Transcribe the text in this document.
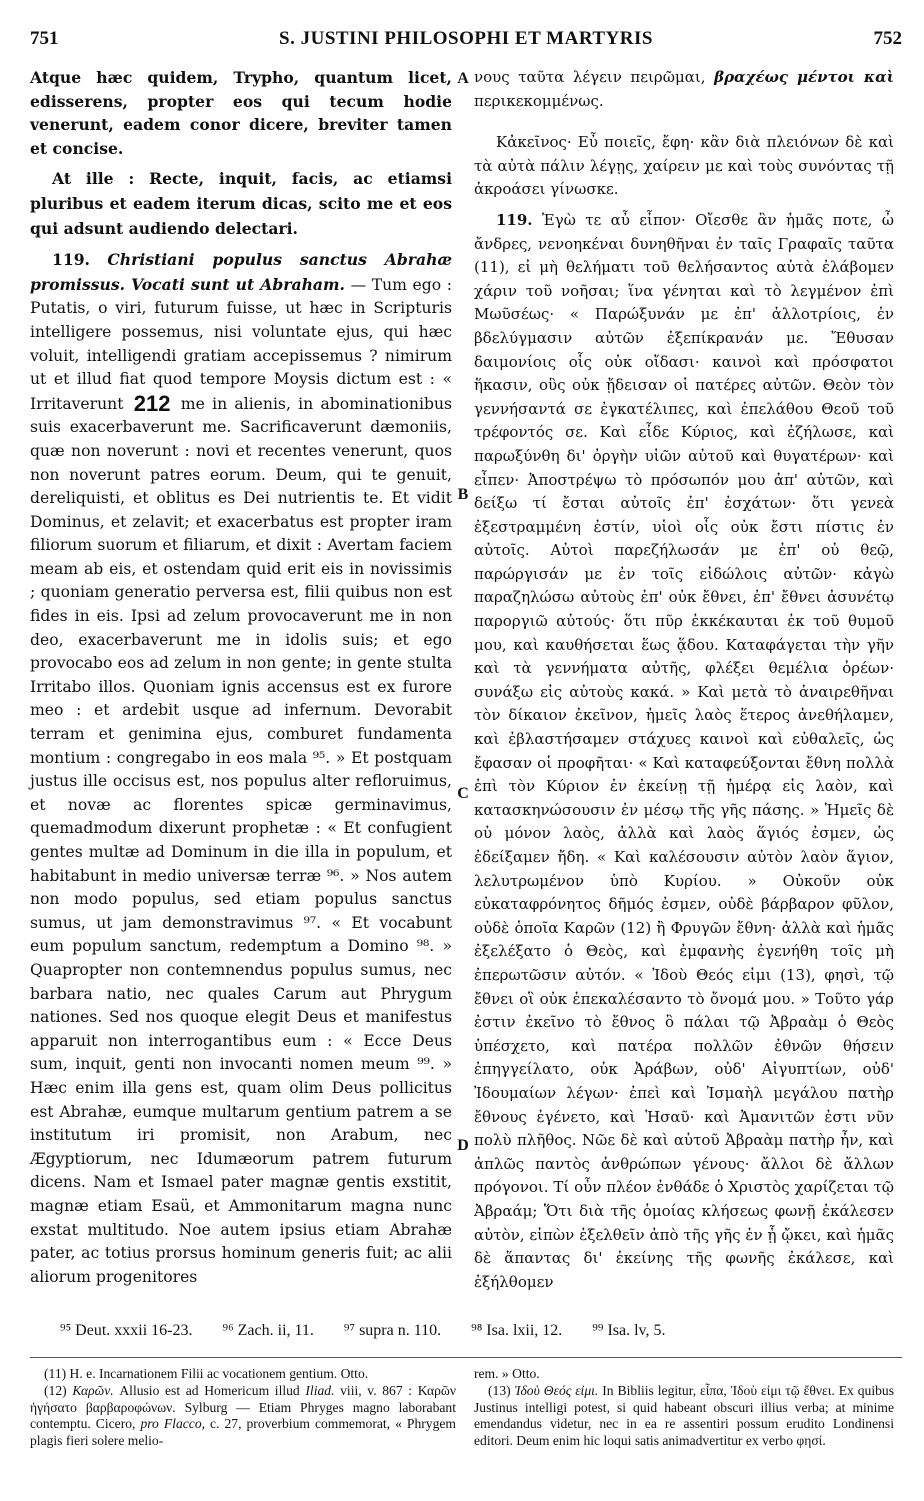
751	S. JUSTINI PHILOSOPHI ET MARTYRIS	752
A
B
C
D

Atque hæc quidem, Trypho, quantum licet, edisserens, propter eos qui tecum hodie venerunt, eadem conor dicere, breviter tamen et concise.

At ille : Recte, inquit, facis, ac etiamsi pluribus et eadem iterum dicas, scito me et eos qui adsunt audiendo delectari.

119. Christiani populus sanctus Abrahæ promissus. Vocati sunt ut Abraham. — Tum ego : Putatis, o viri, futurum fuisse, ut hæc in Scripturis intelligere possemus, nisi voluntate ejus, qui hæc voluit, intelligendi gratiam accepissemus ? nimirum ut et illud fiat quod tempore Moysis dictum est : « Irritaverunt 212 me in alienis, in abominationibus suis exacerbaverunt me. Sacrificaverunt dæmoniis, quæ non noverunt : novi et recentes venerunt, quos non noverunt patres eorum. Deum, qui te genuit, dereliquisti, et oblitus es Dei nutrientis te. Et vidit Dominus, et zelavit; et exacerbatus est propter iram filiorum suorum et filiarum, et dixit : Avertam faciem meam ab eis, et ostendam quid erit eis in novissimis ; quoniam generatio perversa est, filii quibus non est fides in eis. Ipsi ad zelum provocaverunt me in non deo, exacerbaverunt me in idolis suis; et ego provocabo eos ad zelum in non gente; in gente stulta Irritabo illos. Quoniam ignis accensus est ex furore meo : et ardebit usque ad infernum. Devorabit terram et genimina ejus, comburet fundamenta montium : congregabo in eos mala ⁹⁵. » Et postquam justus ille occisus est, nos populus alter refloruimus, et novæ ac florentes spicæ germinavimus, quemadmodum dixerunt prophetæ : « Et confugient gentes multæ ad Dominum in die illa in populum, et habitabunt in medio universæ terræ ⁹⁶. » Nos autem non modo populus, sed etiam populus sanctus sumus, ut jam demonstravimus ⁹⁷. « Et vocabunt eum populum sanctum, redemptum a Domino ⁹⁸. » Quapropter non contemnendus populus sumus, nec barbara natio, nec quales Carum aut Phrygum nationes. Sed nos quoque elegit Deus et manifestus apparuit non interrogantibus eum : « Ecce Deus sum, inquit, genti non invocanti nomen meum ⁹⁹. » Hæc enim illa gens est, quam olim Deus pollicitus est Abrahæ, eumque multarum gentium patrem a se institutum iri promisit, non Arabum, nec Ægyptiorum, nec Idumæorum patrem futurum dicens. Nam et Ismael pater magnæ gentis exstitit, magnæ etiam Esaü, et Ammonitarum magna nunc exstat multitudo. Noe autem ipsius etiam Abrahæ pater, ac totius prorsus hominum generis fuit; ac alii aliorum progenitores

νους ταῦτα λέγειν πειρῶμαι, βραχέως μέντοι καὶ περικεκομμένως.

Κἀκεῖνος· Εὖ ποιεῖς, ἔφη· κἂν διὰ πλειόνων δὲ καὶ τὰ αὐτὰ πάλιν λέγῃς, χαίρειν με καὶ τοὺς συνόντας τῇ ἀκροάσει γίνωσκε.

119. Ἐγὼ τε αὖ εἶπον· Οἴεσθε ἂν ἡμᾶς ποτε, ὦ ἄνδρες, νενοηκέναι δυνηθῆναι ἐν ταῖς Γραφαῖς ταῦτα (11), εἰ μὴ θελήματι τοῦ θελήσαντος αὐτὰ ἐλάβομεν χάριν τοῦ νοῆσαι; ἵνα γένηται καὶ τὸ λεγμένον ἐπὶ Μωῦσέως· « Παρώξυνάν με ἐπ' ἀλλοτρίοις, ἐν βδελύγμασιν αὐτῶν ἐξεπίκρανάν με. Ἔθυσαν δαιμονίοις οἷς οὐκ οἴδασι· καινοὶ καὶ πρόσφατοι ἥκασιν, οὓς οὐκ ᾔδεισαν οἱ πατέρες αὐτῶν. Θεὸν τὸν γεννήσαντά σε ἐγκατέλιπες, καὶ ἐπελάθου Θεοῦ τοῦ τρέφοντός σε. Καὶ εἶδε Κύριος, καὶ ἐζήλωσε, καὶ παρωξύνθη δι' ὀργὴν υἱῶν αὐτοῦ καὶ θυγατέρων· καὶ εἶπεν· Ἀποστρέψω τὸ πρόσωπόν μου ἀπ' αὐτῶν, καὶ δείξω τί ἔσται αὐτοῖς ἐπ' ἐσχάτων· ὅτι γενεὰ ἐξεστραμμένη ἐστίν, υἱοὶ οἷς οὐκ ἔστι πίστις ἐν αὐτοῖς. Αὐτοὶ παρεζήλωσάν με ἐπ' οὐ θεῷ, παρώργισάν με ἐν τοῖς εἰδώλοις αὐτῶν· κἀγὼ παραζηλώσω αὐτοὺς ἐπ' οὐκ ἔθνει, ἐπ' ἔθνει ἀσυνέτῳ παροργιῶ αὐτούς· ὅτι πῦρ ἐκκέκαυται ἐκ τοῦ θυμοῦ μου, καὶ καυθήσεται ἕως ᾅδου. Καταφάγεται τὴν γῆν καὶ τὰ γεννήματα αὐτῆς, φλέξει θεμέλια ὀρέων· συνάξω εἰς αὐτοὺς κακά. » Καὶ μετὰ τὸ ἀναιρεθῆναι τὸν δίκαιον ἐκεῖνον, ἡμεῖς λαὸς ἕτερος ἀνεθήλαμεν, καὶ ἐβλαστήσαμεν στάχυες καινοὶ καὶ εὐθαλεῖς, ὡς ἔφασαν οἱ προφῆται· « Καὶ καταφεύξονται ἔθνη πολλὰ ἐπὶ τὸν Κύριον ἐν ἐκείνῃ τῇ ἡμέρᾳ εἰς λαὸν, καὶ κατασκηνώσουσιν ἐν μέσῳ τῆς γῆς πάσης. » Ἡμεῖς δὲ οὐ μόνον λαὸς, ἀλλὰ καὶ λαὸς ἅγιός ἐσμεν, ὡς ἐδείξαμεν ἤδη. « Καὶ καλέσουσιν αὐτὸν λαὸν ἅγιον, λελυτρωμένον ὑπὸ Κυρίου. » Οὐκοῦν οὐκ εὐκαταφρόνητος δῆμός ἐσμεν, οὐδὲ βάρβαρον φῦλον, οὐδὲ ὁποῖα Καρῶν (12) ἢ Φρυγῶν ἔθνη· ἀλλὰ καὶ ἡμᾶς ἐξελέξατο ὁ Θεὸς, καὶ ἐμφανὴς ἐγενήθη τοῖς μὴ ἐπερωτῶσιν αὐτόν. « Ἰδοὺ Θεός εἰμι (13), φησὶ, τῷ ἔθνει οἳ οὐκ ἐπεκαλέσαντο τὸ ὄνομά μου. » Τοῦτο γάρ ἐστιν ἐκεῖνο τὸ ἔθνος ὃ πάλαι τῷ Ἀβραὰμ ὁ Θεὸς ὑπέσχετο, καὶ πατέρα πολλῶν ἐθνῶν θήσειν ἐπηγγείλατο, οὐκ Ἀράβων, οὐδ' Αἰγυπτίων, οὐδ' Ἰδουμαίων λέγων· ἐπεὶ καὶ Ἰσμαὴλ μεγάλου πατὴρ ἔθνους ἐγένετο, καὶ Ἡσαῦ· καὶ Ἀμανιτῶν ἐστι νῦν πολὺ πλῆθος. Νῶε δὲ καὶ αὐτοῦ Ἀβραὰμ πατὴρ ἦν, καὶ ἁπλῶς παντὸς ἀνθρώπων γένους· ἄλλοι δὲ ἄλλων πρόγονοι. Τί οὖν πλέον ἐνθάδε ὁ Χριστὸς χαρίζεται τῷ Ἀβραάμ; Ὅτι διὰ τῆς ὁμοίας κλήσεως φωνῇ ἐκάλεσεν αὐτὸν, εἰπὼν ἐξελθεῖν ἀπὸ τῆς γῆς ἐν ᾗ ᾤκει, καὶ ἡμᾶς δὲ ἅπαντας δι' ἐκείνης τῆς φωνῆς ἐκάλεσε, καὶ ἐξήλθομεν

⁹⁵ Deut. xxxii 16-23. ⁹⁶ Zach. ii, 11. ⁹⁷ supra n. 110. ⁹⁸ Isa. lxii, 12. ⁹⁹ Isa. lv, 5.

(11) H. e. Incarnationem Filii ac vocationem gentium. Otto.

(12) Καρῶν. Allusio est ad Homericum illud Iliad. viii, v. 867 : Καρῶν ἡγήσατο βαρβαροφώνων. Sylburg — Etiam Phryges magno laborabant contemptu. Cicero, pro Flacco, c. 27, proverbium commemorat, « Phrygem plagis fieri solere melio-

rem. » Otto.

(13) Ἰδοὺ Θεός εἰμι. In Bibliis legitur, εἶπα, Ἰδοὺ εἰμι τῷ ἔθνει. Ex quibus Justinus intelligi potest, si quid habeant obscuri illius verba; at minime emendandus videtur, nec in ea re assentiri possum erudito Londinensi editori. Deum enim hic loqui satis animadvertitur ex verbo φησί.
